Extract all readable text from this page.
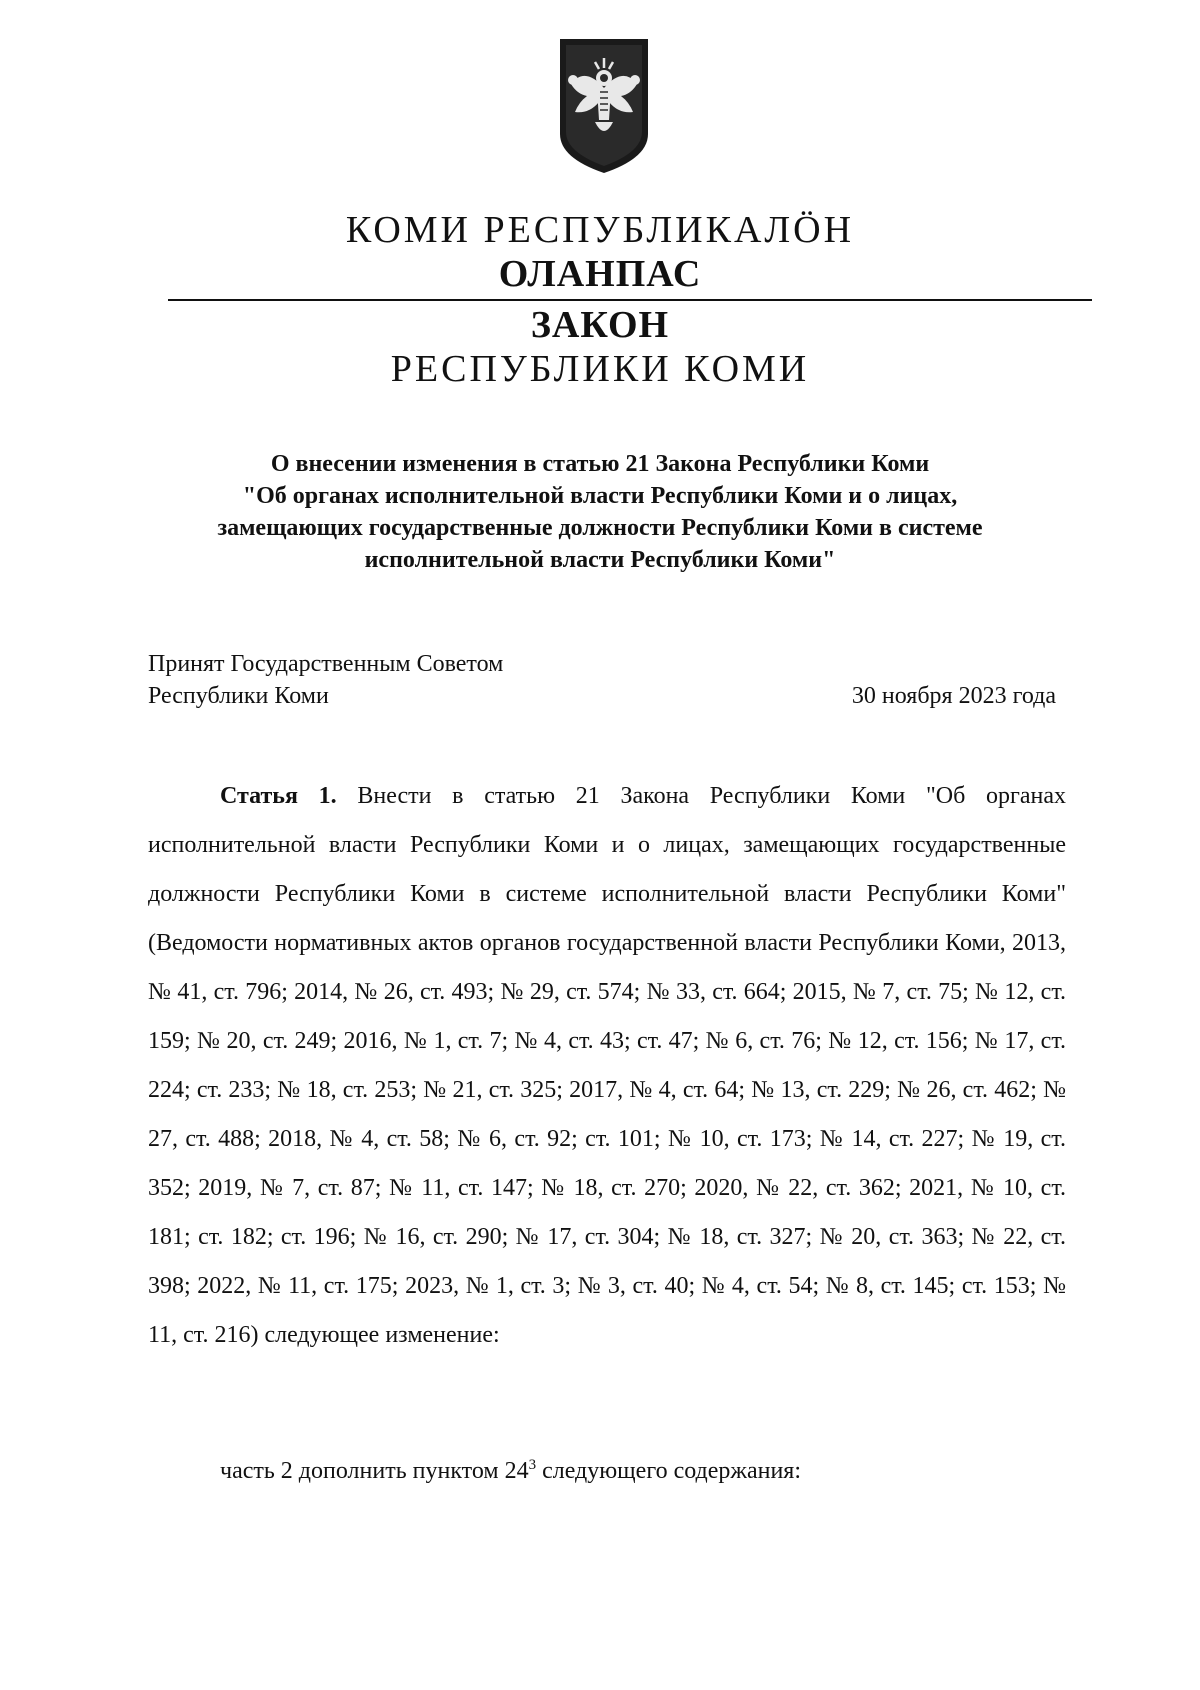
КОМИ РЕСПУБЛИКАЛÖН
ОЛАНПАС
ЗАКОН
РЕСПУБЛИКИ КОМИ
О внесении изменения в статью 21 Закона Республики Коми
"Об органах исполнительной власти Республики Коми и о лицах,
замещающих государственные должности Республики Коми в системе
исполнительной власти Республики Коми"
Принят Государственным Советом
Республики Коми	30 ноября 2023 года
Статья 1. Внести в статью 21 Закона Республики Коми "Об органах исполнительной власти Республики Коми и о лицах, замещающих государственные должности Республики Коми в системе исполнительной власти Республики Коми" (Ведомости нормативных актов органов государственной власти Республики Коми, 2013, № 41, ст. 796; 2014, № 26, ст. 493; № 29, ст. 574; № 33, ст. 664; 2015, № 7, ст. 75; № 12, ст. 159; № 20, ст. 249; 2016, № 1, ст. 7; № 4, ст. 43; ст. 47; № 6, ст. 76; № 12, ст. 156; № 17, ст. 224; ст. 233; № 18, ст. 253; № 21, ст. 325; 2017, № 4, ст. 64; № 13, ст. 229; № 26, ст. 462; № 27, ст. 488; 2018, № 4, ст. 58; № 6, ст. 92; ст. 101; № 10, ст. 173; № 14, ст. 227; № 19, ст. 352; 2019, № 7, ст. 87; № 11, ст. 147; № 18, ст. 270; 2020, № 22, ст. 362; 2021, № 10, ст. 181; ст. 182; ст. 196; № 16, ст. 290; № 17, ст. 304; № 18, ст. 327; № 20, ст. 363; № 22, ст. 398; 2022, № 11, ст. 175; 2023, № 1, ст. 3; № 3, ст. 40; № 4, ст. 54; № 8, ст. 145; ст. 153; № 11, ст. 216) следующее изменение:
часть 2 дополнить пунктом $24^3$ следующего содержания:
